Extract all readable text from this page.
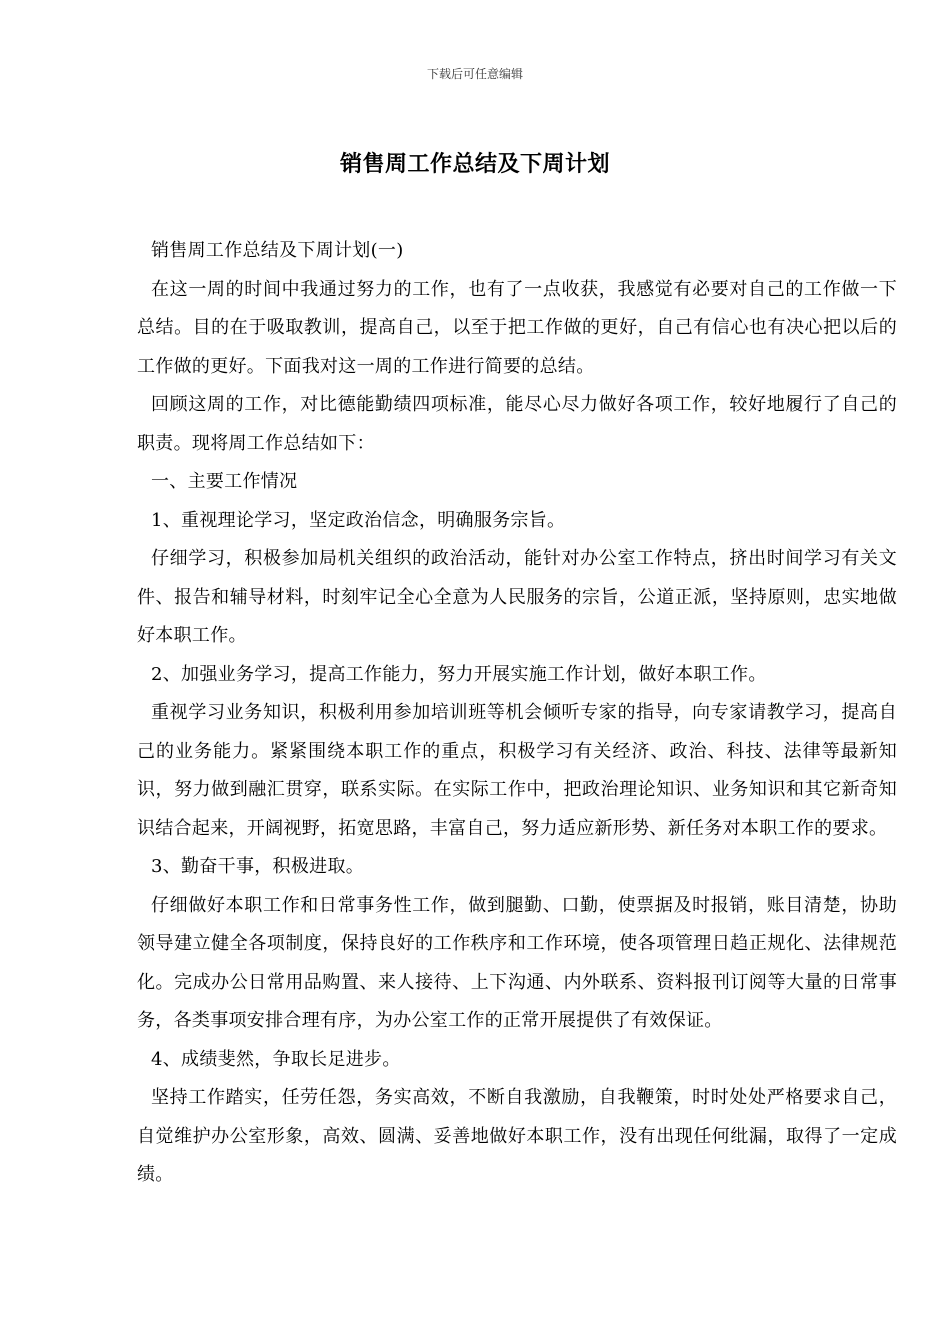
下载后可任意编辑
销售周工作总结及下周计划

销售周工作总结及下周计划(一)

在这一周的时间中我通过努力的工作，也有了一点收获，我感觉有必要对自己的工作做一下总结。目的在于吸取教训，提高自己，以至于把工作做的更好，自己有信心也有决心把以后的工作做的更好。下面我对这一周的工作进行简要的总结。

回顾这周的工作，对比德能勤绩四项标准，能尽心尽力做好各项工作，较好地履行了自己的职责。现将周工作总结如下：

一、主要工作情况

1、重视理论学习，坚定政治信念，明确服务宗旨。

仔细学习，积极参加局机关组织的政治活动，能针对办公室工作特点，挤出时间学习有关文件、报告和辅导材料，时刻牢记全心全意为人民服务的宗旨，公道正派，坚持原则，忠实地做好本职工作。

2、加强业务学习，提高工作能力，努力开展实施工作计划，做好本职工作。

重视学习业务知识，积极利用参加培训班等机会倾听专家的指导，向专家请教学习，提高自己的业务能力。紧紧围绕本职工作的重点，积极学习有关经济、政治、科技、法律等最新知识，努力做到融汇贯穿，联系实际。在实际工作中，把政治理论知识、业务知识和其它新奇知识结合起来，开阔视野，拓宽思路，丰富自己，努力适应新形势、新任务对本职工作的要求。

3、勤奋干事，积极进取。

仔细做好本职工作和日常事务性工作，做到腿勤、口勤，使票据及时报销，账目清楚，协助领导建立健全各项制度，保持良好的工作秩序和工作环境，使各项管理日趋正规化、法律规范化。完成办公日常用品购置、来人接待、上下沟通、内外联系、资料报刊订阅等大量的日常事务，各类事项安排合理有序，为办公室工作的正常开展提供了有效保证。

4、成绩斐然，争取长足进步。

坚持工作踏实，任劳任怨，务实高效，不断自我激励，自我鞭策，时时处处严格要求自己，自觉维护办公室形象，高效、圆满、妥善地做好本职工作，没有出现任何纰漏，取得了一定成绩。
